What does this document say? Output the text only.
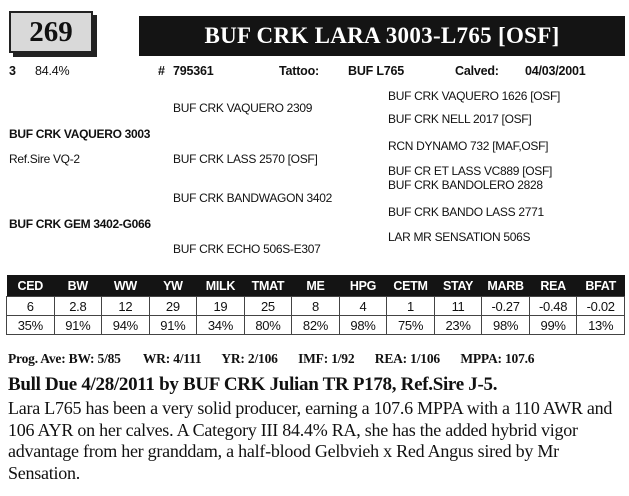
269	BUF CRK LARA 3003-L765 [OSF]
3 84.4%	# 795361	Tattoo: BUF L765	Calved: 04/03/2001
BUF CRK VAQUERO 2309
BUF CRK VAQUERO 1626 [OSF]
BUF CRK NELL 2017 [OSF]
BUF CRK VAQUERO 3003
Ref.Sire VQ-2	BUF CRK LASS 2570 [OSF]
RCN DYNAMO 732 [MAF,OSF]
BUF CR ET LASS VC889 [OSF]
BUF CRK BANDOLERO 2828
BUF CRK BANDWAGON 3402
BUF CRK BANDO LASS 2771
BUF CRK GEM 3402-G066
LAR MR SENSATION 506S
BUF CRK ECHO 506S-E307
CED	BW	WW	YW	MILK	TMAT	ME	HPG	CETM	STAY	MARB	REA	BFAT
6	2.8	12	29	19	25	8	4	1	11	-0.27	-0.48	-0.02
35%	91%	94%	91%	34%	80%	82%	98%	75%	23%	98%	99%	13%
Prog. Ave: BW: 5/85 WR: 4/111 YR: 2/106 IMF: 1/92 REA: 1/106 MPPA: 107.6
Bull Due 4/28/2011 by BUF CRK Julian TR P178, Ref.Sire J-5.
Lara L765 has been a very solid producer, earning a 107.6 MPPA with a 110 AWR and 106 AYR on her calves. A Category III 84.4% RA, she has the added hybrid vigor advantage from her granddam, a half-blood Gelbvieh x Red Angus sired by Mr Sensation.
